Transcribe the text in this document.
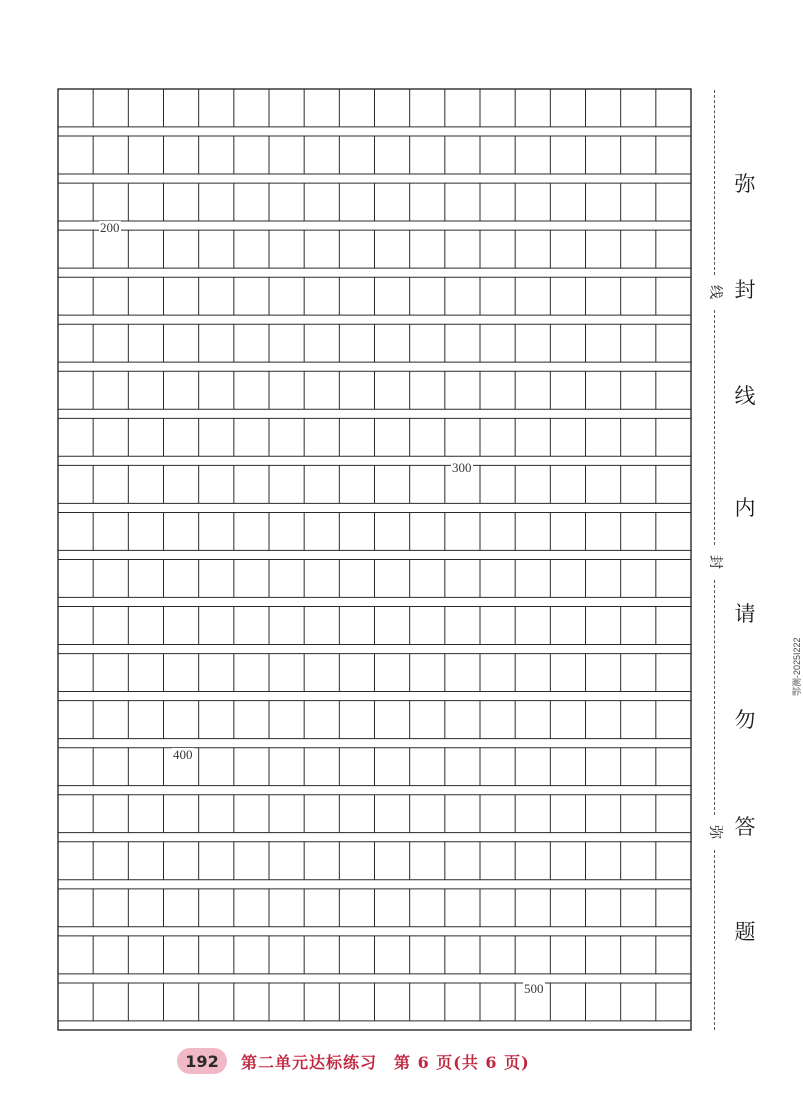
200
300
400
500
线
封
弥
弥
封
线
内
请
勿
答
题
鄂测-2025I222
192	第二单元达标练习　第 6 页(共 6 页)
